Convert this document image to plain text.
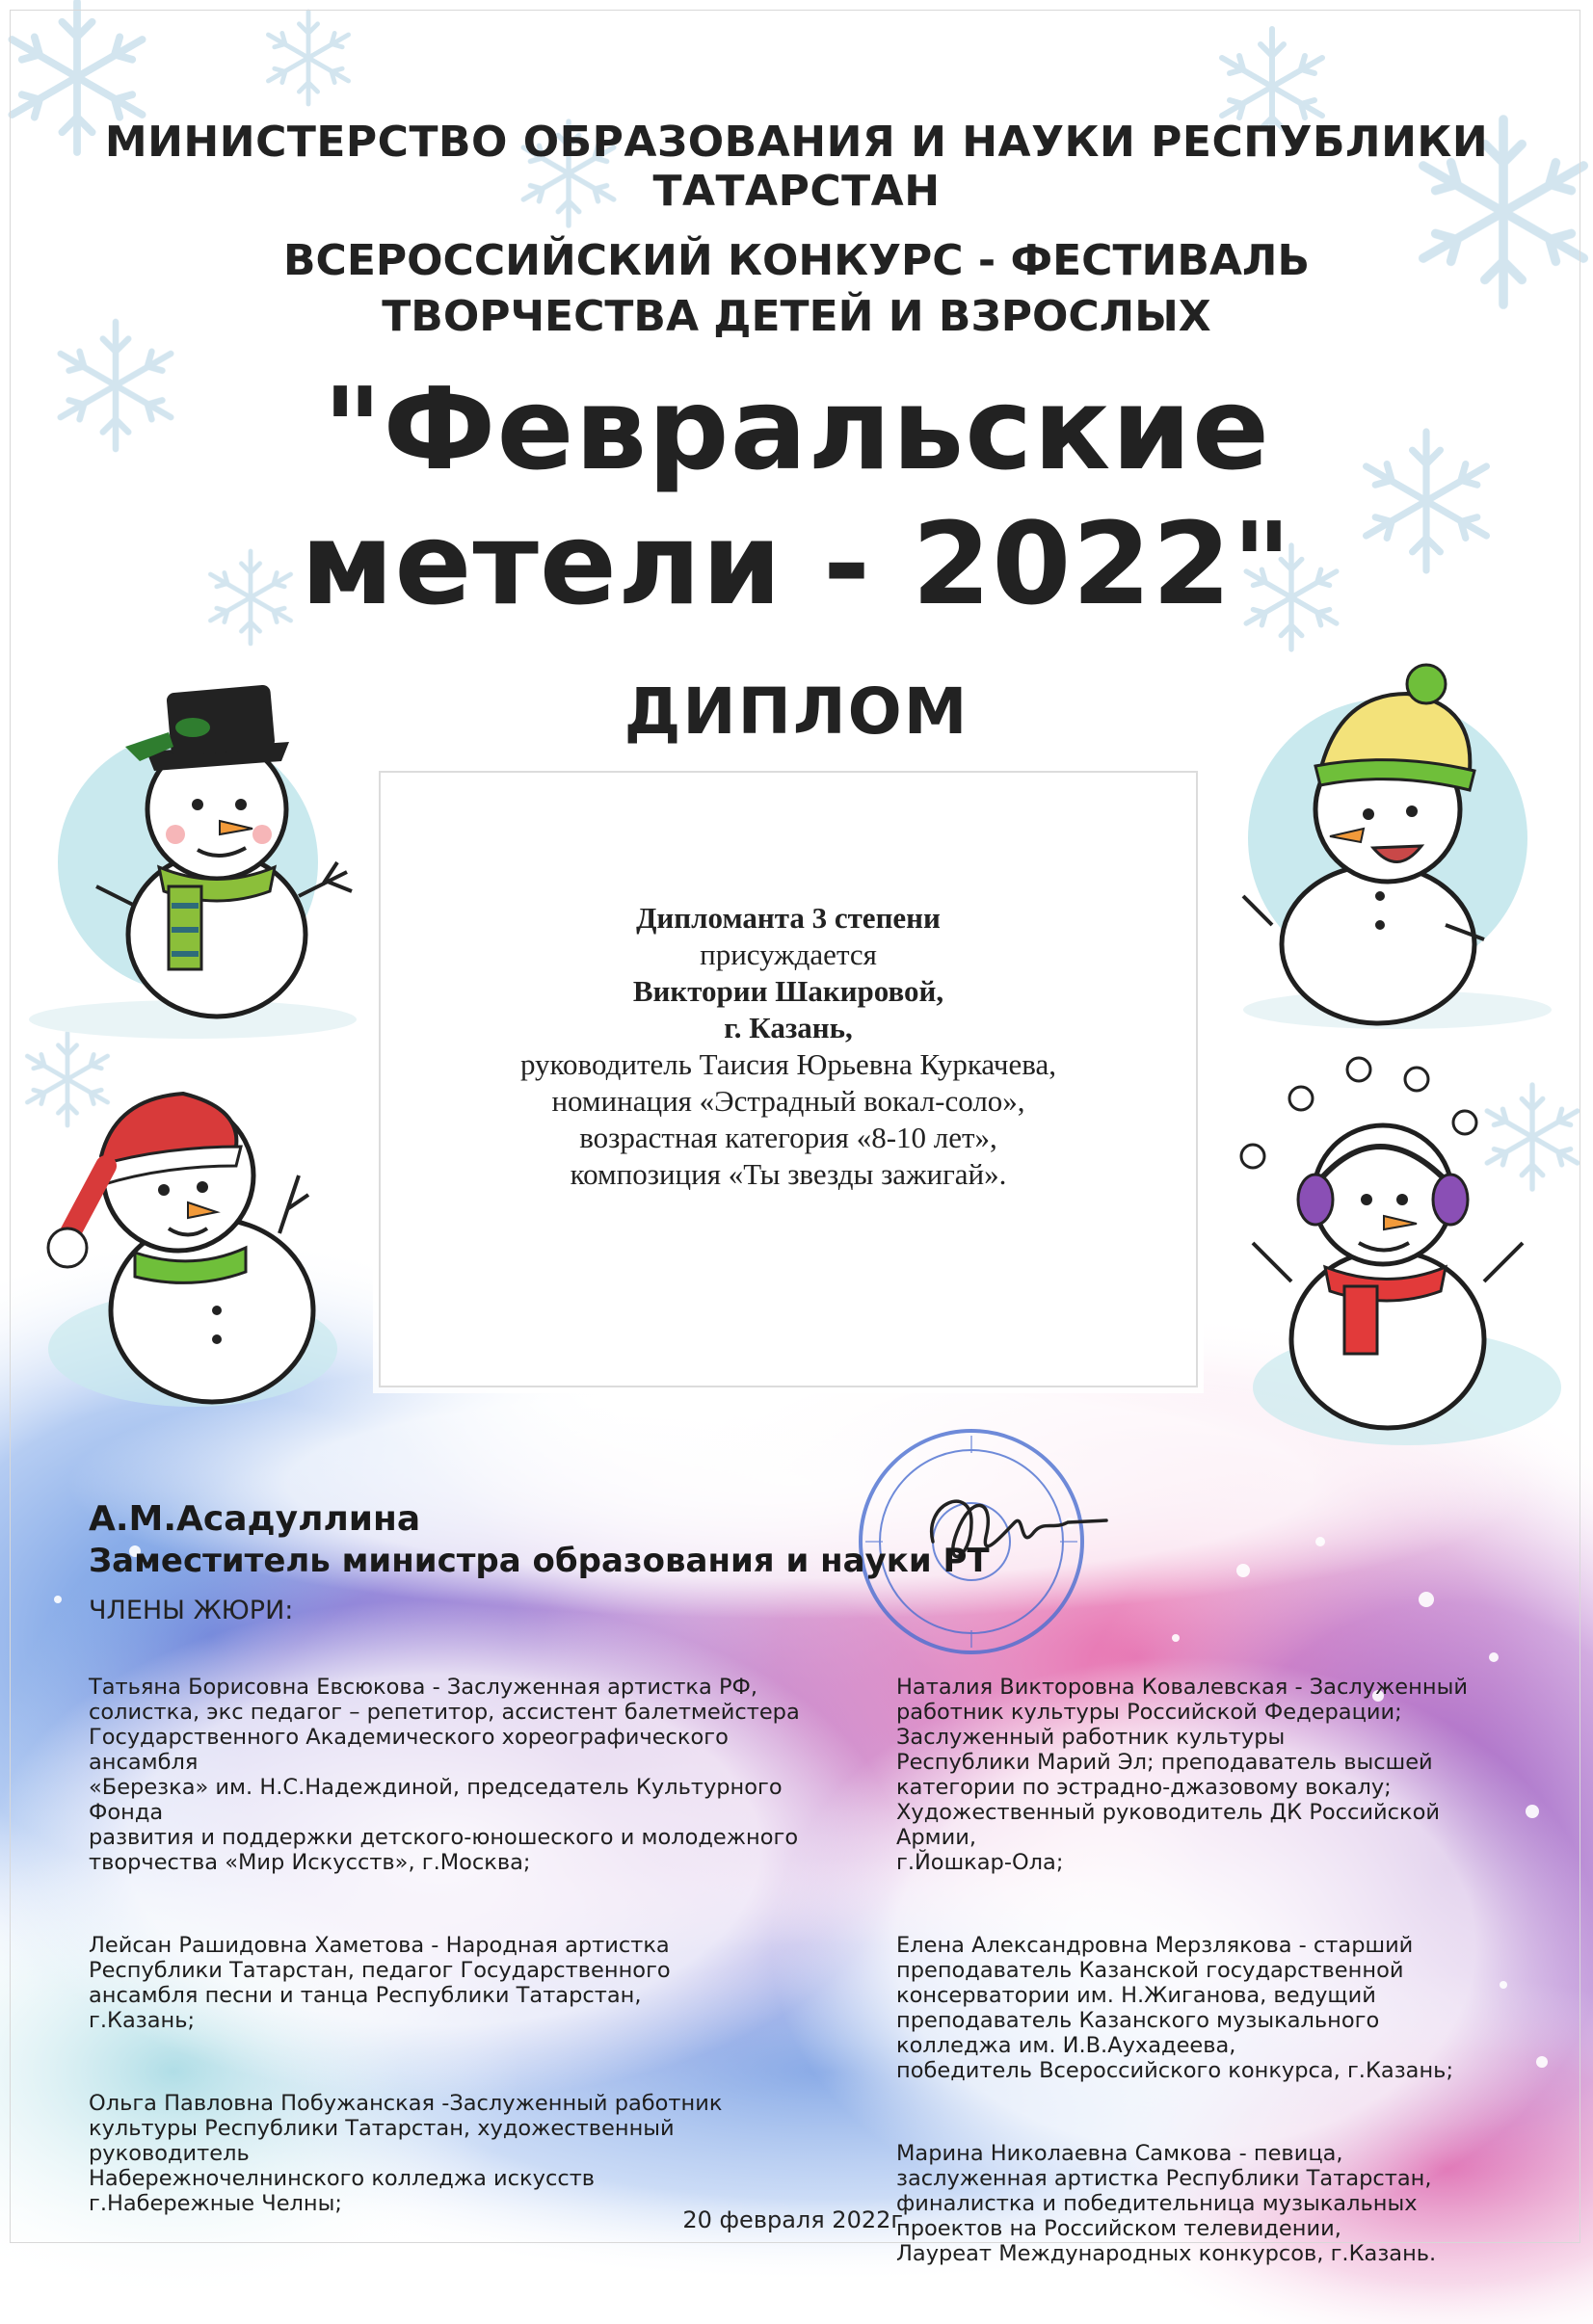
МИНИСТЕРСТВО ОБРАЗОВАНИЯ И НАУКИ РЕСПУБЛИКИ ТАТАРСТАН
ВСЕРОССИЙСКИЙ КОНКУРС - ФЕСТИВАЛЬ
ТВОРЧЕСТВА ДЕТЕЙ И ВЗРОСЛЫХ
"Февральские
метели - 2022"
ДИПЛОМ
Дипломанта 3 степени
присуждается
Виктории Шакировой,
г. Казань,
руководитель Таисия Юрьевна Куркачева,
номинация «Эстрадный вокал-соло»,
возрастная категория «8-10 лет»,
композиция «Ты звезды зажигай».
А.М.Асадуллина
Заместитель министра образования и науки РТ
ЧЛЕНЫ ЖЮРИ:

Татьяна Борисовна Евсюкова - Заслуженная артистка РФ,
солистка, экс педагог – репетитор, ассистент балетмейстера
Государственного Академического хореографического ансамбля
«Березка» им. Н.С.Надеждиной, председатель Культурного Фонда
развития и поддержки детского-юношеского и молодежного
творчества «Мир Искусств», г.Москва;

Лейсан Рашидовна Хаметова - Народная артистка
Республики Татарстан, педагог Государственного
ансамбля песни и танца Республики Татарстан,
г.Казань;

Ольга Павловна Побужанская -Заслуженный работник
культуры Республики Татарстан, художественный руководитель
Набережночелнинского колледжа искусств
г.Набережные Челны;

Наталия Викторовна Ковалевская - Заслуженный
работник культуры Российской Федерации;
Заслуженный работник культуры
Республики Марий Эл; преподаватель высшей
категории по эстрадно-джазовому вокалу;
Художественный руководитель ДК Российской Армии,
г.Йошкар-Ола;

Елена Александровна Мерзлякова - старший
преподаватель Казанской государственной
консерватории им. Н.Жиганова, ведущий
преподаватель Казанского музыкального
колледжа им. И.В.Аухадеева,
победитель Всероссийского конкурса, г.Казань;

Марина Николаевна Самкова - певица,
заслуженная артистка Республики Татарстан,
финалистка и победительница музыкальных
проектов на Российском телевидении,
Лауреат Международных конкурсов, г.Казань.

20 февраля 2022г.
